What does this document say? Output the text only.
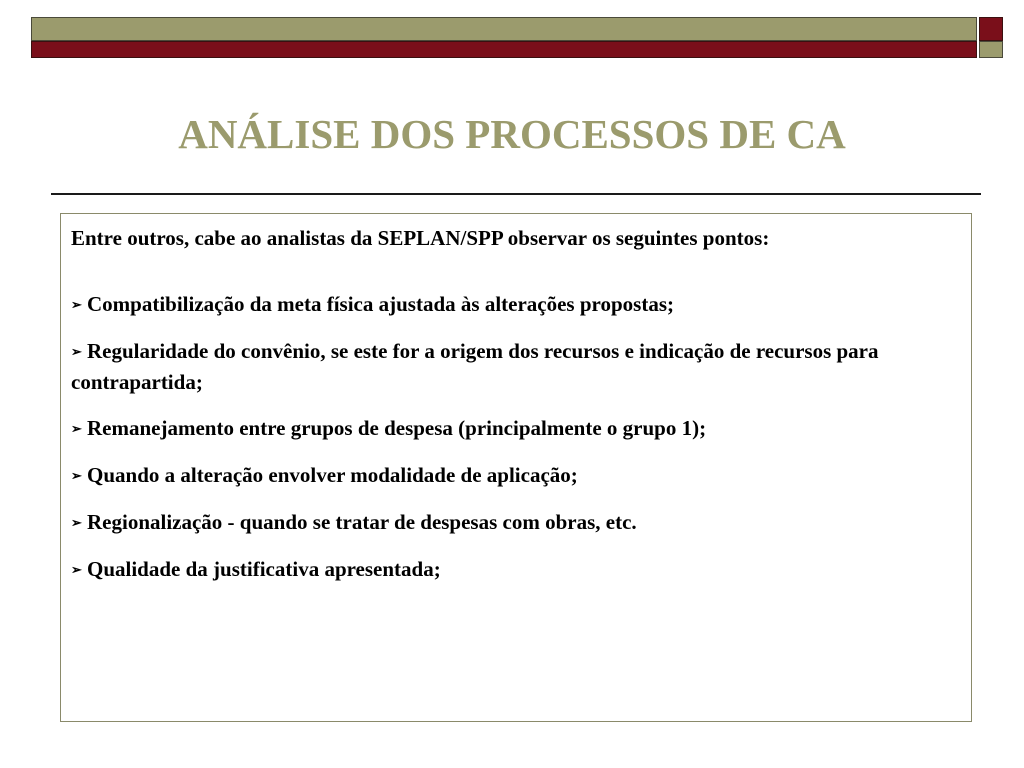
ANÁLISE DOS PROCESSOS DE CA

Entre outros, cabe ao analistas da SEPLAN/SPP observar os seguintes pontos:

➢ Compatibilização da meta física ajustada às alterações propostas;
➢ Regularidade do convênio, se este for a origem dos recursos e indicação de recursos para contrapartida;
➢ Remanejamento entre grupos de despesa (principalmente o grupo 1);
➢ Quando a alteração envolver modalidade de aplicação;
➢ Regionalização - quando se tratar de despesas com obras, etc.
➢ Qualidade da justificativa apresentada;
